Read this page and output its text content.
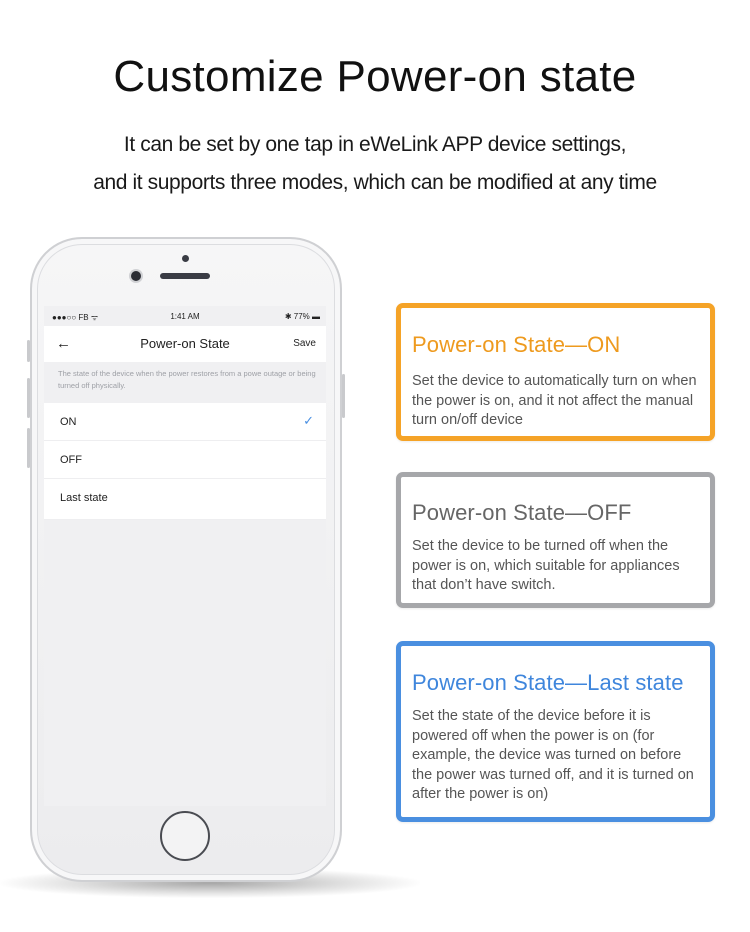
Customize Power-on state
It can be set by one tap in eWeLink APP device settings,
and it supports three modes, which can be modified at any time
●●●○○ FB ᯤ	1:41 AM	✱ 77% ▬
←	Power-on State	Save
The state of the device when the power restores from a powe outage or being turned off physically.
ON	✓
OFF
Last state
Power-on State—ON
Set the device to automatically turn on when the power is on, and it not affect the manual turn on/off device
Power-on State—OFF
Set the device to be turned off when the power is on, which suitable for appliances that don’t have switch.
Power-on State—Last state
Set the state of the device before it is powered off when the power is on (for example, the device was turned on before the power was turned off, and it is turned on after the power is on)
